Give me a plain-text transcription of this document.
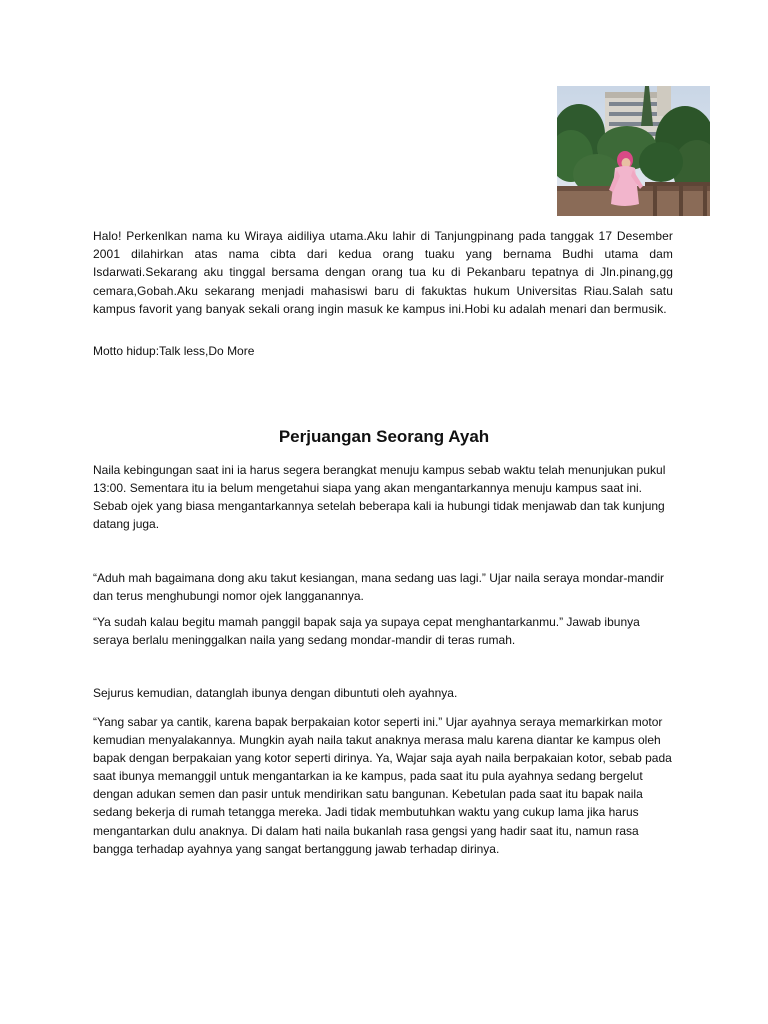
Halo! Perkenlkan nama ku Wiraya aidiliya utama.Aku lahir di Tanjungpinang pada tanggak 17 Desember 2001 dilahirkan atas nama cibta dari kedua orang tuaku yang bernama Budhi utama dam Isdarwati.Sekarang aku tinggal bersama dengan orang tua ku di Pekanbaru tepatnya di Jln.pinang,gg cemara,Gobah.Aku sekarang menjadi mahasiswi baru di fakuktas hukum Universitas Riau.Salah satu kampus favorit yang banyak sekali orang ingin masuk ke kampus ini.Hobi ku adalah menari dan bermusik.

Motto hidup:Talk less,Do More

Perjuangan Seorang Ayah

Naila kebingungan saat ini ia harus segera berangkat menuju kampus sebab waktu telah menunjukan pukul 13:00. Sementara itu ia belum mengetahui siapa yang akan mengantarkannya menuju kampus saat ini. Sebab ojek yang biasa mengantarkannya setelah beberapa kali ia hubungi tidak menjawab dan tak kunjung datang juga.

“Aduh mah bagaimana dong aku takut kesiangan, mana sedang uas lagi.” Ujar naila seraya mondar-mandir dan terus menghubungi nomor ojek langganannya.

“Ya sudah kalau begitu mamah panggil bapak saja ya supaya cepat menghantarkanmu.” Jawab ibunya seraya berlalu meninggalkan naila yang sedang mondar-mandir di teras rumah.

Sejurus kemudian, datanglah ibunya dengan dibuntuti oleh ayahnya.

“Yang sabar ya cantik, karena bapak berpakaian kotor seperti ini.” Ujar ayahnya seraya memarkirkan motor kemudian menyalakannya. Mungkin ayah naila takut anaknya merasa malu karena diantar ke kampus oleh bapak dengan berpakaian yang kotor seperti dirinya. Ya, Wajar saja ayah naila berpakaian kotor, sebab pada saat ibunya memanggil untuk mengantarkan ia ke kampus, pada saat itu pula ayahnya sedang bergelut dengan adukan semen dan pasir untuk mendirikan satu bangunan. Kebetulan pada saat itu bapak naila sedang bekerja di rumah tetangga mereka. Jadi tidak membutuhkan waktu yang cukup lama jika harus mengantarkan dulu anaknya. Di dalam hati naila bukanlah rasa gengsi yang hadir saat itu, namun rasa bangga terhadap ayahnya yang sangat bertanggung jawab terhadap dirinya.
